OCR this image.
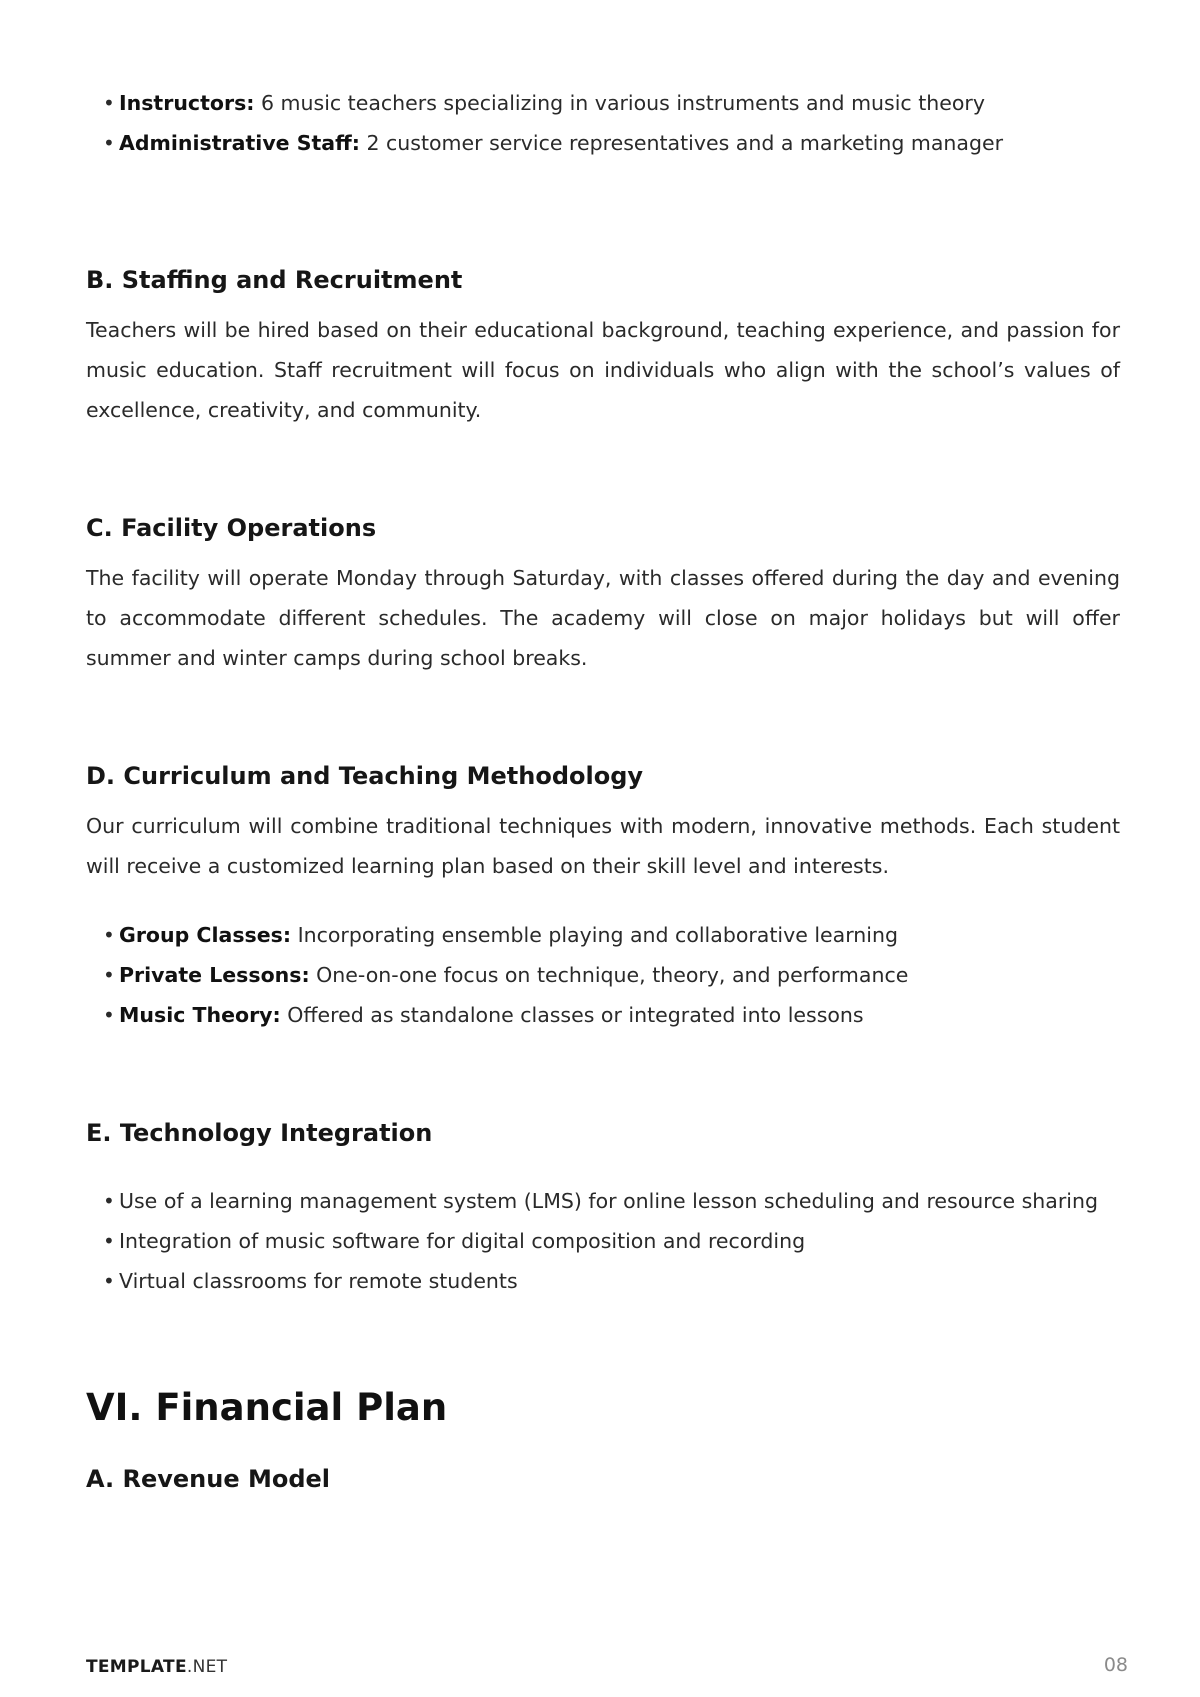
• Instructors: 6 music teachers specializing in various instruments and music theory
• Administrative Staff: 2 customer service representatives and a marketing manager
B. Staffing and Recruitment

Teachers will be hired based on their educational background, teaching experience, and passion for music education. Staff recruitment will focus on individuals who align with the school’s values of excellence, creativity, and community.

C. Facility Operations

The facility will operate Monday through Saturday, with classes offered during the day and evening to accommodate different schedules. The academy will close on major holidays but will offer summer and winter camps during school breaks.

D. Curriculum and Teaching Methodology

Our curriculum will combine traditional techniques with modern, innovative methods. Each student will receive a customized learning plan based on their skill level and interests.

• Group Classes: Incorporating ensemble playing and collaborative learning
• Private Lessons: One-on-one focus on technique, theory, and performance
• Music Theory: Offered as standalone classes or integrated into lessons
E. Technology Integration
• Use of a learning management system (LMS) for online lesson scheduling and resource sharing
• Integration of music software for digital composition and recording
• Virtual classrooms for remote students
VI. Financial Plan
A. Revenue Model
TEMPLATE.NET	08
